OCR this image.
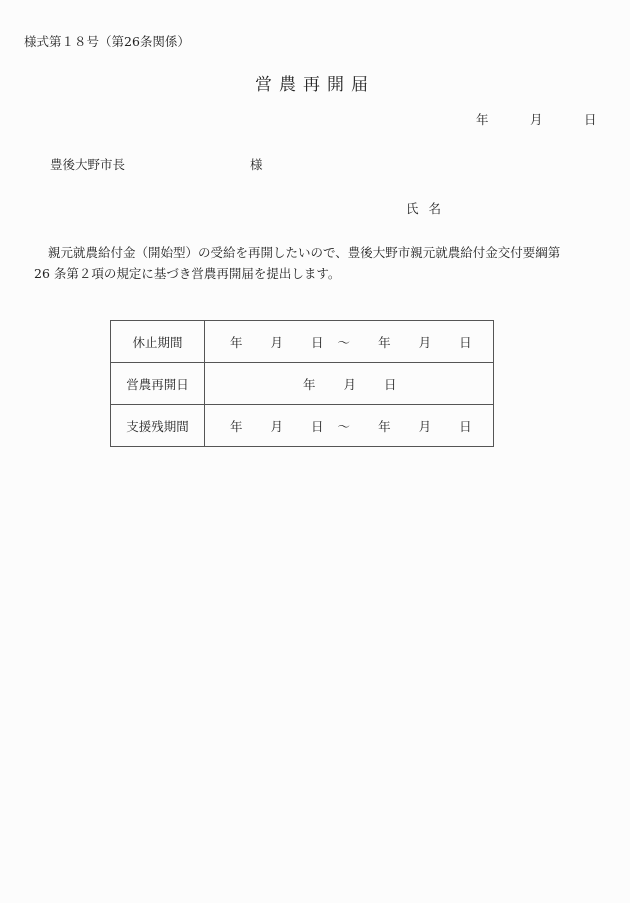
様式第１８号（第26条関係）
営農再開届
年	月	日
豊後大野市長	様
氏名
親元就農給付金（開始型）の受給を再開したいので、豊後大野市親元就農給付金交付要綱第
26 条第２項の規定に基づき営農再開届を提出します。
休止期間	年 月 日 ～ 年 月 日

営農再開日	年 月 日

支援残期間	年 月 日 ～ 年 月 日
